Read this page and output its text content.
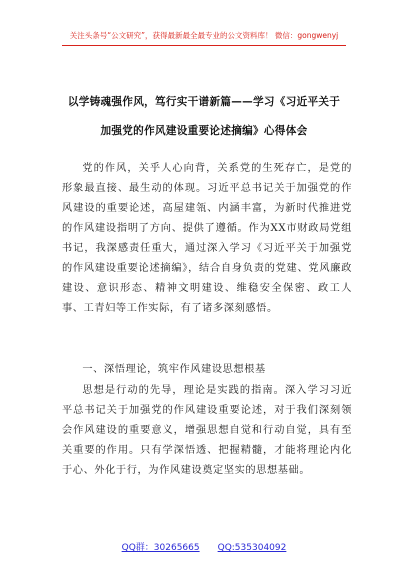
关注头条号“公文研究”，获得最新最全最专业的公文资料库！ 微信：gongwenyj
以学铸魂强作风，笃行实干谱新篇——学习《习近平关于
加强党的作风建设重要论述摘编》心得体会
党的作风，关乎人心向背，关系党的生死存亡，是党的形象最直接、最生动的体现。习近平总书记关于加强党的作风建设的重要论述，高屋建瓴、内涵丰富，为新时代推进党的作风建设指明了方向、提供了遵循。作为XX市财政局党组书记，我深感责任重大，通过深入学习《习近平关于加强党的作风建设重要论述摘编》，结合自身负责的党建、党风廉政建设、意识形态、精神文明建设、维稳安全保密、政工人事、工青妇等工作实际，有了诸多深刻感悟。
一、深悟理论，筑牢作风建设思想根基
思想是行动的先导，理论是实践的指南。深入学习习近平总书记关于加强党的作风建设重要论述，对于我们深刻领会作风建设的重要意义，增强思想自觉和行动自觉，具有至关重要的作用。只有学深悟透、把握精髓，才能将理论内化于心、外化于行，为作风建设奠定坚实的思想基础。
QQ群：30265665 QQ:535304092
